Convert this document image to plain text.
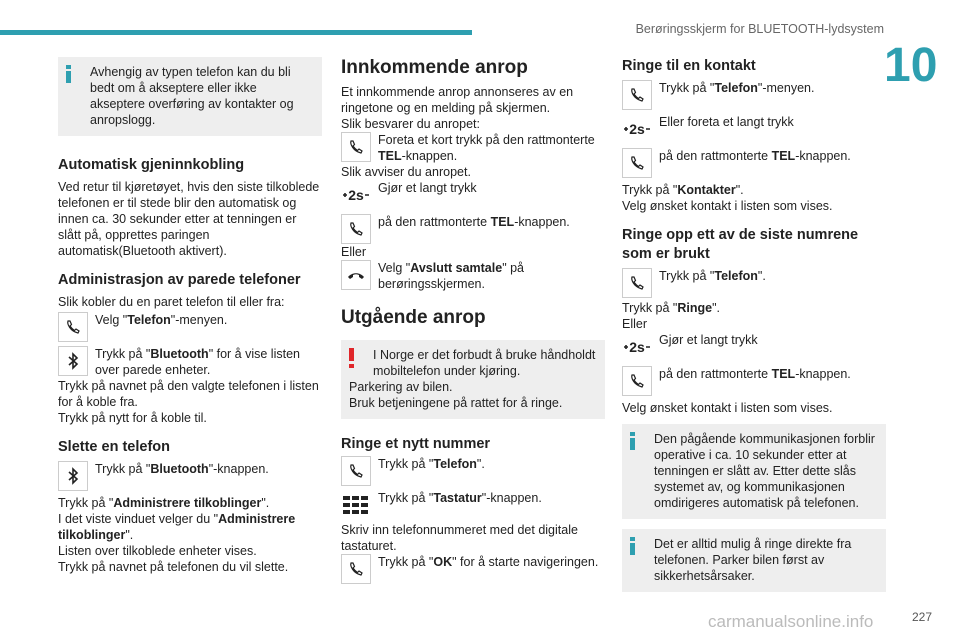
Berøringsskjerm for BLUETOOTH-lydsystem
10

Avhengig av typen telefon kan du bli bedt om å akseptere eller ikke akseptere overføring av kontakter og anropslogg.

Automatisk gjeninnkobling

Ved retur til kjøretøyet, hvis den siste tilkoblede telefonen er til stede blir den automatisk og innen ca. 30 sekunder etter at tenningen er slått på, opprettes paringen automatisk(Bluetooth aktivert).

Administrasjon av parede telefoner

Slik kobler du en paret telefon til eller fra:

Velg "Telefon"-menyen.

Trykk på "Bluetooth" for å vise listen over parede enheter.

Trykk på navnet på den valgte telefonen i listen for å koble fra.

Trykk på nytt for å koble til.

Slette en telefon

Trykk på "Bluetooth"-knappen.

Trykk på "Administrere tilkoblinger".

I det viste vinduet velger du "Administrere tilkoblinger".

Listen over tilkoblede enheter vises.

Trykk på navnet på telefonen du vil slette.

Innkommende anrop

Et innkommende anrop annonseres av en ringetone og en melding på skjermen.

Slik besvarer du anropet:

Foreta et kort trykk på den rattmonterte TEL-knappen.

Slik avviser du anropet.

2s Gjør et langt trykk

på den rattmonterte TEL-knappen.

Eller

Velg "Avslutt samtale" på berøringsskjermen.

Utgående anrop

I Norge er det forbudt å bruke håndholdt mobiltelefon under kjøring.

Parkering av bilen.

Bruk betjeningene på rattet for å ringe.

Ringe et nytt nummer

Trykk på "Telefon".

Trykk på "Tastatur"-knappen.

Skriv inn telefonnummeret med det digitale tastaturet.

Trykk på "OK" for å starte navigeringen.

Ringe til en kontakt

Trykk på "Telefon"-menyen.

2s Eller foreta et langt trykk

på den rattmonterte TEL-knappen.

Trykk på "Kontakter".

Velg ønsket kontakt i listen som vises.

Ringe opp ett av de siste numrene som er brukt

Trykk på "Telefon".

Trykk på "Ringe".

Eller

2s Gjør et langt trykk

på den rattmonterte TEL-knappen.

Velg ønsket kontakt i listen som vises.

Den pågående kommunikasjonen forblir operative i ca. 10 sekunder etter at tenningen er slått av. Etter dette slås systemet av, og kommunikasjonen omdirigeres automatisk på telefonen.

Det er alltid mulig å ringe direkte fra telefonen. Parker bilen først av sikkerhetsårsaker.

carmanualsonline.info	227
